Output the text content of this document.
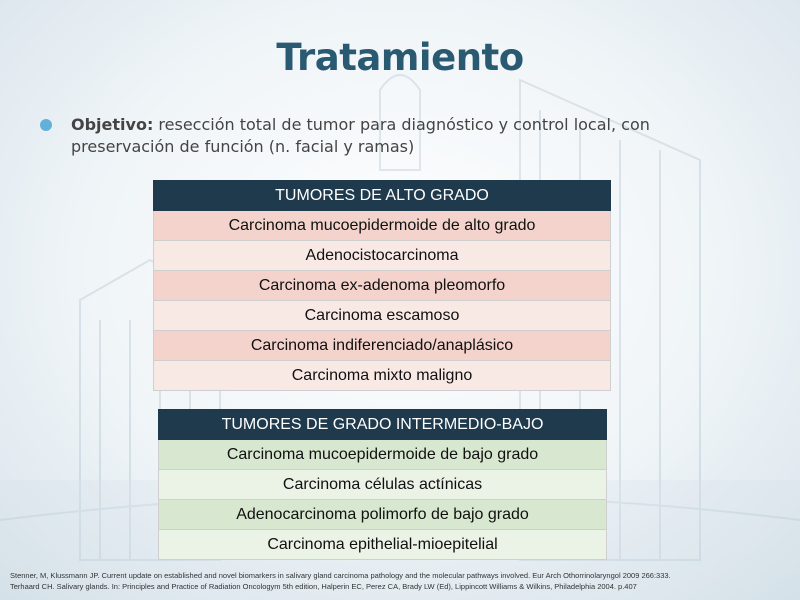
Tratamiento
Objetivo: resección total de tumor para diagnóstico y control local, con preservación de función (n. facial y ramas)
TUMORES DE ALTO GRADO
Carcinoma mucoepidermoide de alto grado
Adenocistocarcinoma
Carcinoma ex-adenoma pleomorfo
Carcinoma escamoso
Carcinoma indiferenciado/anaplásico
Carcinoma mixto maligno
TUMORES DE GRADO INTERMEDIO-BAJO
Carcinoma mucoepidermoide de bajo grado
Carcinoma células actínicas
Adenocarcinoma polimorfo de bajo grado
Carcinoma epithelial-mioepitelial
Stenner, M, Klussmann JP. Current update on established and novel biomarkers in salivary gland carcinoma pathology and the molecular pathways involved. Eur Arch Othorrinolaryngol 2009 266:333.
Terhaard CH. Salivary glands. In: Principles and Practice of Radiation Oncologym 5th edition, Halperin EC, Perez CA, Brady LW (Ed), Lippincott Williams & Wilkins, Philadelphia 2004. p.407
